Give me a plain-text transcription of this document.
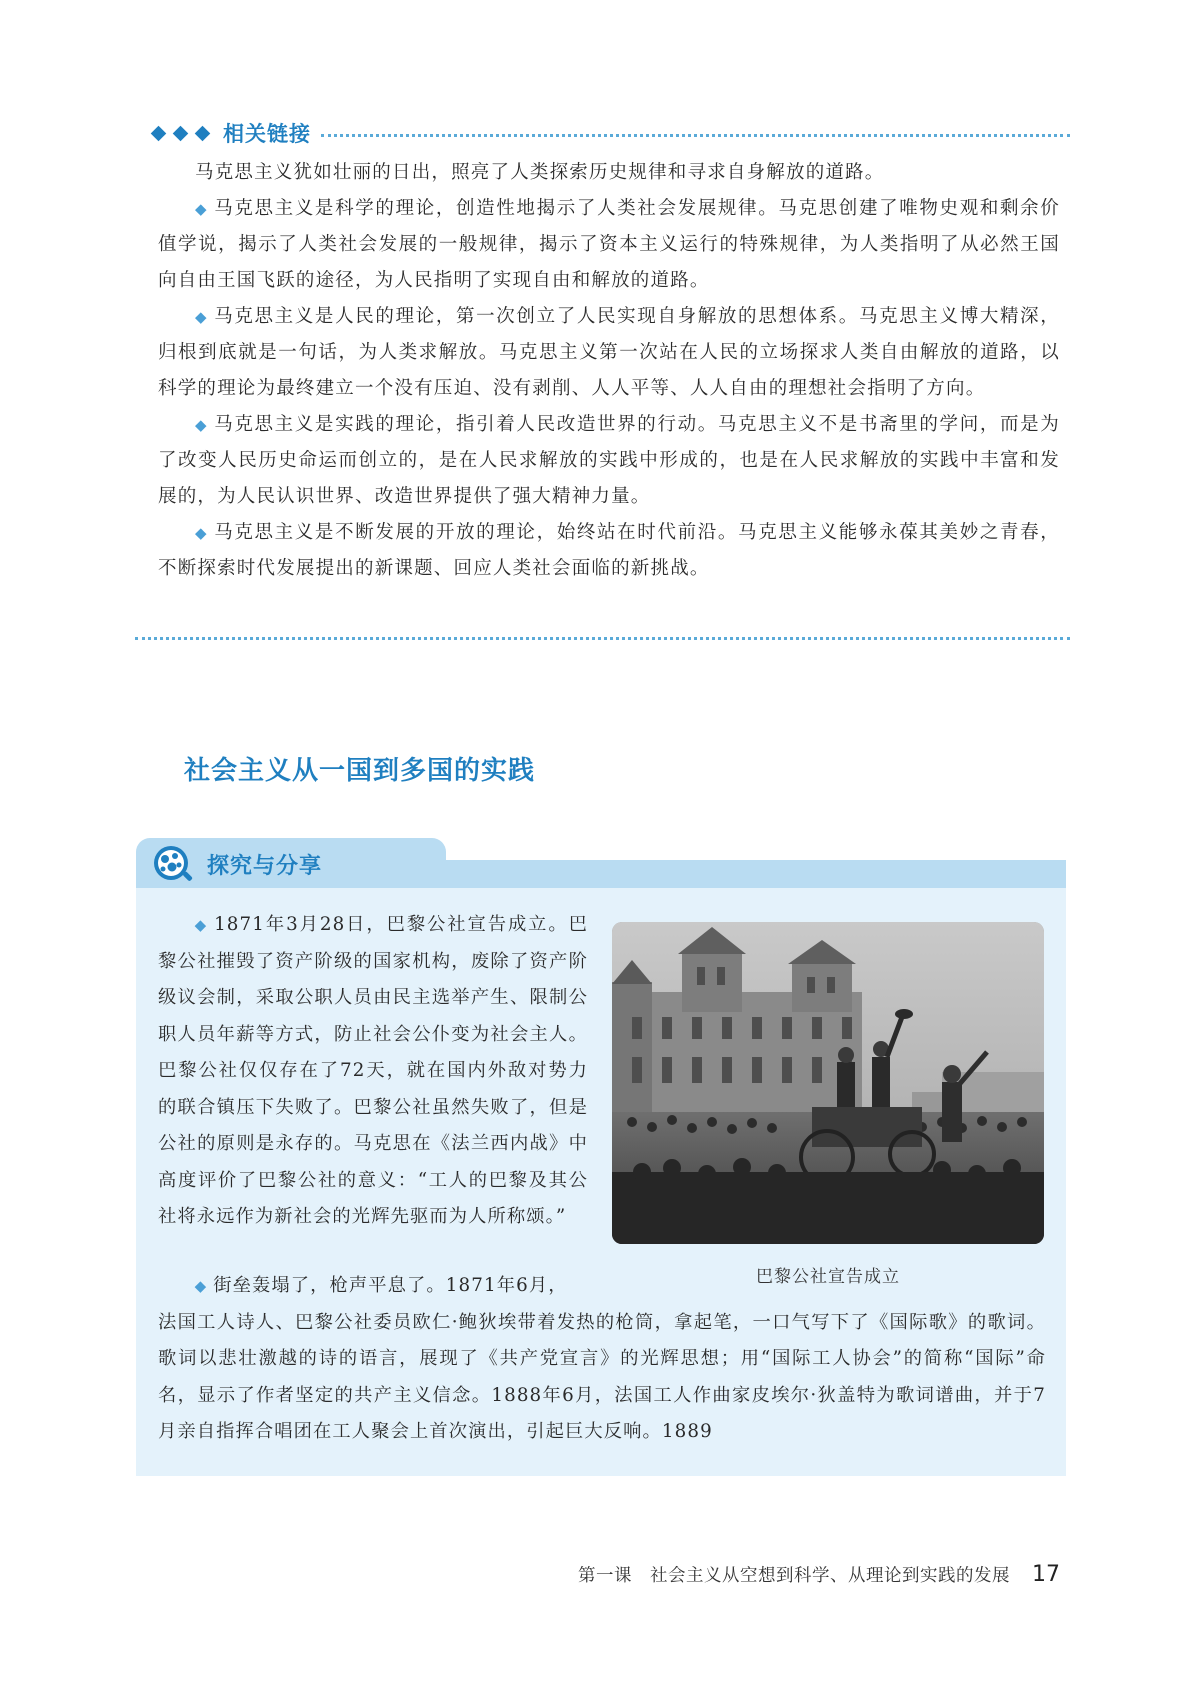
相关链接

马克思主义犹如壮丽的日出，照亮了人类探索历史规律和寻求自身解放的道路。

◆ 马克思主义是科学的理论，创造性地揭示了人类社会发展规律。马克思创建了唯物史观和剩余价值学说，揭示了人类社会发展的一般规律，揭示了资本主义运行的特殊规律，为人类指明了从必然王国向自由王国飞跃的途径，为人民指明了实现自由和解放的道路。

◆ 马克思主义是人民的理论，第一次创立了人民实现自身解放的思想体系。马克思主义博大精深，归根到底就是一句话，为人类求解放。马克思主义第一次站在人民的立场探求人类自由解放的道路，以科学的理论为最终建立一个没有压迫、没有剥削、人人平等、人人自由的理想社会指明了方向。

◆ 马克思主义是实践的理论，指引着人民改造世界的行动。马克思主义不是书斋里的学问，而是为了改变人民历史命运而创立的，是在人民求解放的实践中形成的，也是在人民求解放的实践中丰富和发展的，为人民认识世界、改造世界提供了强大精神力量。

◆ 马克思主义是不断发展的开放的理论，始终站在时代前沿。马克思主义能够永葆其美妙之青春，不断探索时代发展提出的新课题、回应人类社会面临的新挑战。

社会主义从一国到多国的实践
探究与分享

◆ 1871年3月28日，巴黎公社宣告成立。巴黎公社摧毁了资产阶级的国家机构，废除了资产阶级议会制，采取公职人员由民主选举产生、限制公职人员年薪等方式，防止社会公仆变为社会主人。巴黎公社仅仅存在了72天，就在国内外敌对势力的联合镇压下失败了。巴黎公社虽然失败了，但是公社的原则是永存的。马克思在《法兰西内战》中高度评价了巴黎公社的意义：“工人的巴黎及其公社将永远作为新社会的光辉先驱而为人所称颂。”

巴黎公社宣告成立

◆ 街垒轰塌了，枪声平息了。1871年6月，

法国工人诗人、巴黎公社委员欧仁·鲍狄埃带着发热的枪筒，拿起笔，一口气写下了《国际歌》的歌词。歌词以悲壮激越的诗的语言，展现了《共产党宣言》的光辉思想；用“国际工人协会”的简称“国际”命名，显示了作者坚定的共产主义信念。1888年6月，法国工人作曲家皮埃尔·狄盖特为歌词谱曲，并于7月亲自指挥合唱团在工人聚会上首次演出，引起巨大反响。1889

第一课　社会主义从空想到科学、从理论到实践的发展 17
